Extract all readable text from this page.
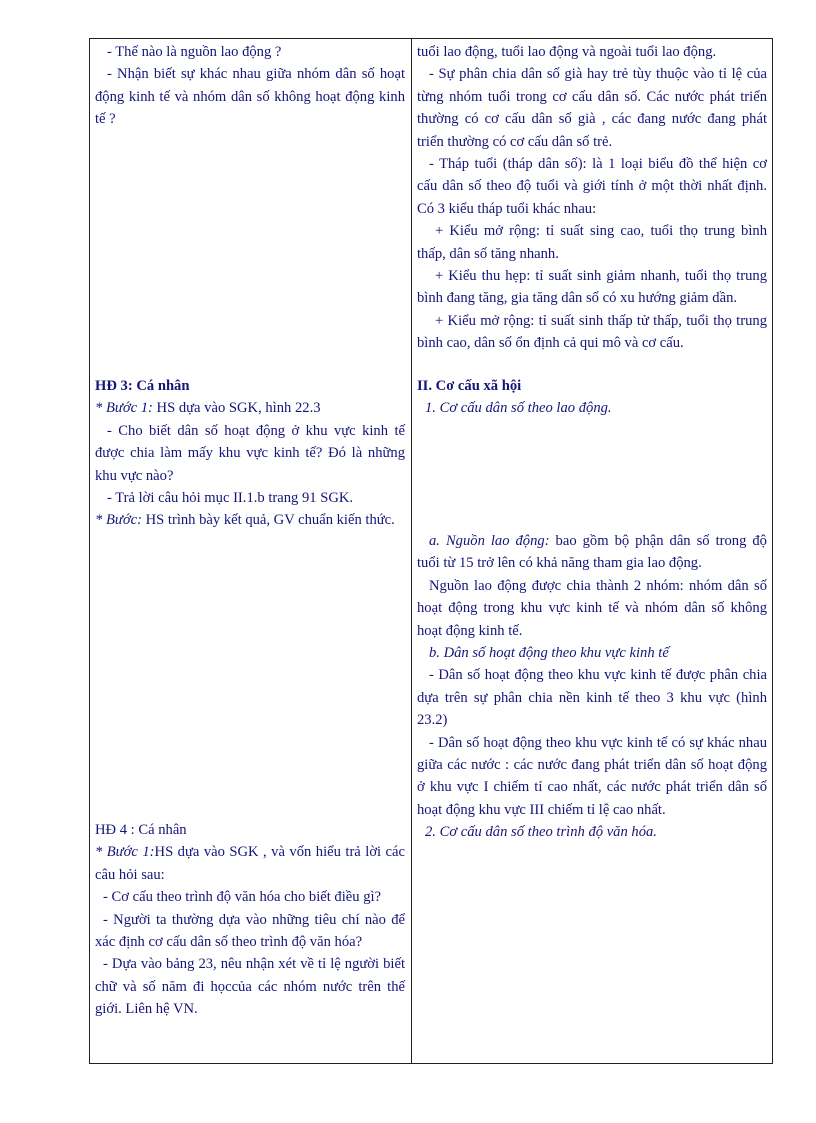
- Thế nào là nguồn lao động ?

- Nhận biết sự khác nhau giữa nhóm dân số hoạt động kinh tế và nhóm dân số không hoạt động kinh tế ?

HĐ 3: Cá nhân

* Bước 1: HS dựa vào SGK, hình 22.3

- Cho biết dân số hoạt động ở khu vực kinh tế được chia làm mấy khu vực kinh tế? Đó là những khu vực nào?

- Trả lời câu hỏi mục II.1.b trang 91 SGK.

* Bước: HS trình bày kết quả, GV chuẩn kiến thức.

HĐ 4 : Cá nhân

* Bước 1:HS dựa vào SGK , và vốn hiểu trả lời các câu hỏi sau:

- Cơ cấu theo trình độ văn hóa cho biết điều gì?

- Người ta thường dựa vào những tiêu chí nào để xác định cơ cấu dân số theo trình độ văn hóa?

- Dựa vào bảng 23, nêu nhận xét về tỉ lệ người biết chữ và số năm đi họccủa các nhóm nước trên thế giới. Liên hệ VN.

tuổi lao động, tuổi lao động và ngoài tuổi lao động.

- Sự phân chia dân số già hay trẻ tùy thuộc vào tỉ lệ của từng nhóm tuổi trong cơ cấu dân số. Các nước phát triển thường có cơ cấu dân số già , các đang nước đang phát triển thường có cơ cấu dân số trẻ.

- Tháp tuổi (tháp dân số): là 1 loại biểu đồ thể hiện cơ cấu dân số theo độ tuổi và giới tính ở một thời nhất định. Có 3 kiểu tháp tuổi khác nhau:

+ Kiểu mở rộng: tỉ suất sing cao, tuổi thọ trung bình thấp, dân số tăng nhanh.

+ Kiểu thu hẹp: tỉ suất sinh giảm nhanh, tuổi thọ trung bình đang tăng, gia tăng dân số có xu hướng giảm dần.

+ Kiểu mở rộng: tỉ suất sinh thấp tử thấp, tuổi thọ trung bình cao, dân số ổn định cả qui mô và cơ cấu.

II. Cơ cấu xã hội

1. Cơ cấu dân số theo lao động.

a. Nguồn lao động: bao gồm bộ phận dân số trong độ tuổi từ 15 trở lên có khả năng tham gia lao động.

Nguồn lao động được chia thành 2 nhóm: nhóm dân số hoạt động trong khu vực kinh tế và nhóm dân số không hoạt động kinh tế.

b. Dân số hoạt động theo khu vực kinh tế

- Dân số hoạt động theo khu vực kinh tế được phân chia dựa trên sự phân chia nền kinh tế theo 3 khu vực (hình 23.2)

- Dân số hoạt động theo khu vực kinh tế có sự khác nhau giữa các nước : các nước đang phát triển dân số hoạt động ở khu vực I chiếm tỉ cao nhất, các nước phát triển dân số hoạt động khu vực III chiếm tỉ lệ cao nhất.

2. Cơ cấu dân số theo trình độ văn hóa.
